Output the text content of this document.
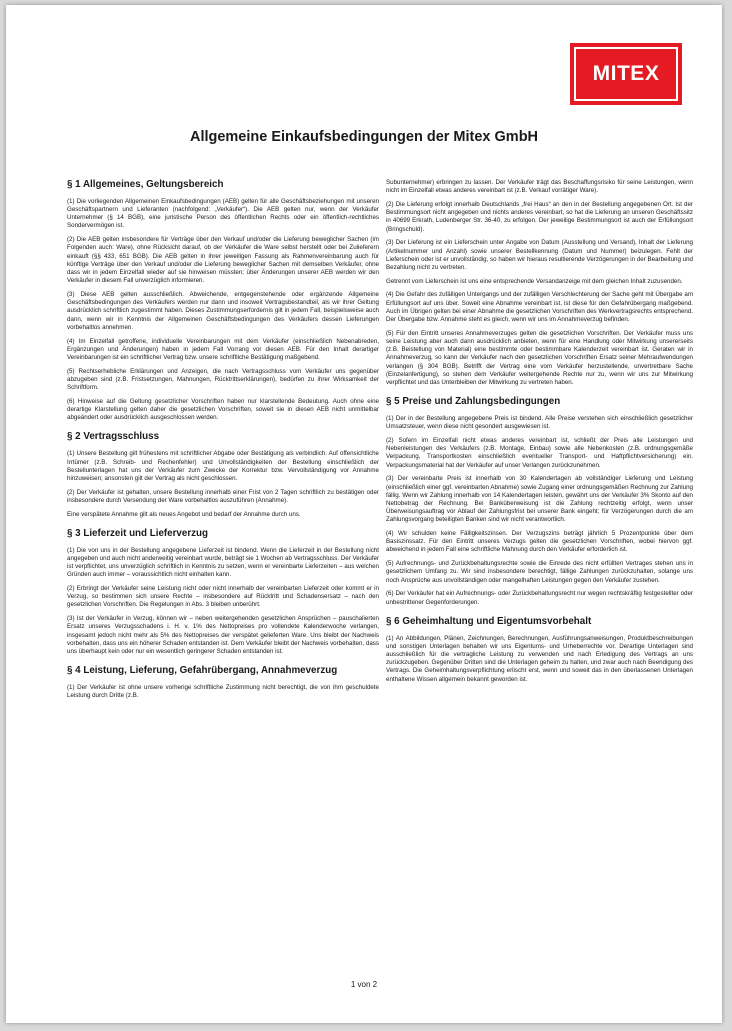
MITEX
Allgemeine Einkaufsbedingungen der Mitex GmbH
§ 1 Allgemeines, Geltungsbereich

(1) Die vorliegenden Allgemeinen Einkaufsbedingungen (AEB) gelten für alle Geschäftsbeziehungen mit unseren Geschäftspartnern und Lieferanten (nachfolgend: „Verkäufer“). Die AEB gelten nur, wenn der Verkäufer Unternehmer (§ 14 BGB), eine juristische Person des öffentlichen Rechts oder ein öffentlich-rechtliches Sondervermögen ist.

(2) Die AEB gelten insbesondere für Verträge über den Verkauf und/oder die Lieferung beweglicher Sachen (im Folgenden auch: Ware), ohne Rücksicht darauf, ob der Verkäufer die Ware selbst herstellt oder bei Zulieferern einkauft (§§ 433, 651 BGB). Die AEB gelten in ihrer jeweiligen Fassung als Rahmenvereinbarung auch für künftige Verträge über den Verkauf und/oder die Lieferung beweglicher Sachen mit demselben Verkäufer, ohne dass wir in jedem Einzelfall wieder auf sie hinweisen müssten; über Änderungen unserer AEB werden wir den Verkäufer in diesem Fall unverzüglich informieren.

(3) Diese AEB gelten ausschließlich. Abweichende, entgegenstehende oder ergänzende Allgemeine Geschäftsbedingungen des Verkäufers werden nur dann und insoweit Vertragsbestandteil, als wir ihrer Geltung ausdrücklich schriftlich zugestimmt haben. Dieses Zustimmungserfordernis gilt in jedem Fall, beispielsweise auch dann, wenn wir in Kenntnis der Allgemeinen Geschäftsbedingungen des Verkäufers dessen Lieferungen vorbehaltlos annehmen.

(4) Im Einzelfall getroffene, individuelle Vereinbarungen mit dem Verkäufer (einschließlich Nebenabreden, Ergänzungen und Änderungen) haben in jedem Fall Vorrang vor diesen AEB. Für den Inhalt derartiger Vereinbarungen ist ein schriftlicher Vertrag bzw. unsere schriftliche Bestätigung maßgebend.

(5) Rechtserhebliche Erklärungen und Anzeigen, die nach Vertragsschluss vom Verkäufer uns gegenüber abzugeben sind (z.B. Fristsetzungen, Mahnungen, Rücktrittserklärungen), bedürfen zu ihrer Wirksamkeit der Schriftform.

(6) Hinweise auf die Geltung gesetzlicher Vorschriften haben nur klarstellende Bedeutung. Auch ohne eine derartige Klarstellung gelten daher die gesetzlichen Vorschriften, soweit sie in diesen AEB nicht unmittelbar abgeändert oder ausdrücklich ausgeschlossen werden.

§ 2 Vertragsschluss

(1) Unsere Bestellung gilt frühestens mit schriftlicher Abgabe oder Bestätigung als verbindlich. Auf offensichtliche Irrtümer (z.B. Schreib- und Rechenfehler) und Unvollständigkeiten der Bestellung einschließlich der Bestellunterlagen hat uns der Verkäufer zum Zwecke der Korrektur bzw. Vervollständigung vor Annahme hinzuweisen; ansonsten gilt der Vertrag als nicht geschlossen.

(2) Der Verkäufer ist gehalten, unsere Bestellung innerhalb einer Frist von 2 Tagen schriftlich zu bestätigen oder insbesondere durch Versendung der Ware vorbehaltlos auszuführen (Annahme).

Eine verspätete Annahme gilt als neues Angebot und bedarf der Annahme durch uns.

§ 3 Lieferzeit und Lieferverzug

(1) Die von uns in der Bestellung angegebene Lieferzeit ist bindend. Wenn die Lieferzeit in der Bestellung nicht angegeben und auch nicht anderweitig vereinbart wurde, beträgt sie 1 Wochen ab Vertragsschluss. Der Verkäufer ist verpflichtet, uns unverzüglich schriftlich in Kenntnis zu setzen, wenn er vereinbarte Lieferzeiten – aus welchen Gründen auch immer – voraussichtlich nicht einhalten kann.

(2) Erbringt der Verkäufer seine Leistung nicht oder nicht innerhalb der vereinbarten Lieferzeit oder kommt er in Verzug, so bestimmen sich unsere Rechte – insbesondere auf Rücktritt und Schadensersatz – nach den gesetzlichen Vorschriften. Die Regelungen in Abs. 3 bleiben unberührt.

(3) Ist der Verkäufer in Verzug, können wir – neben weitergehenden gesetzlichen Ansprüchen – pauschalierten Ersatz unseres Verzugsschadens i. H. v. 1% des Nettopreises pro vollendete Kalenderwoche verlangen, insgesamt jedoch nicht mehr als 5% des Nettopreises der verspätet gelieferten Ware. Uns bleibt der Nachweis vorbehalten, dass uns ein höherer Schaden entstanden ist. Dem Verkäufer bleibt der Nachweis vorbehalten, dass uns überhaupt kein oder nur ein wesentlich geringerer Schaden entstanden ist.

§ 4 Leistung, Lieferung, Gefahrübergang, Annahmeverzug

(1) Der Verkäufer ist ohne unsere vorherige schriftliche Zustimmung nicht berechtigt, die von ihm geschuldete Leistung durch Dritte (z.B.

Subunternehmer) erbringen zu lassen. Der Verkäufer trägt das Beschaffungsrisiko für seine Leistungen, wenn nicht im Einzelfall etwas anderes vereinbart ist (z.B. Verkauf vorrätiger Ware).

(2) Die Lieferung erfolgt innerhalb Deutschlands „frei Haus“ an den in der Bestellung angegebenen Ort. Ist der Bestimmungsort nicht angegeben und nichts anderes vereinbart, so hat die Lieferung an unseren Geschäftssitz in 40699 Erkrath, Ludenberger Str. 36-40, zu erfolgen. Der jeweilige Bestimmungsort ist auch der Erfüllungsort (Bringschuld).

(3) Der Lieferung ist ein Lieferschein unter Angabe von Datum (Ausstellung und Versand), Inhalt der Lieferung (Artikelnummer und Anzahl) sowie unserer Bestellkennung (Datum und Nummer) beizulegen. Fehlt der Lieferschein oder ist er unvollständig, so haben wir hieraus resultierende Verzögerungen in der Bearbeitung und Bezahlung nicht zu vertreten.

Getrennt vom Lieferschein ist uns eine entsprechende Versandanzeige mit dem gleichen Inhalt zuzusenden.

(4) Die Gefahr des zufälligen Untergangs und der zufälligen Verschlechterung der Sache geht mit Übergabe am Erfüllungsort auf uns über. Soweit eine Abnahme vereinbart ist, ist diese für den Gefahrübergang maßgebend. Auch im Übrigen gelten bei einer Abnahme die gesetzlichen Vorschriften des Werkvertragsrechts entsprechend. Der Übergabe bzw. Annahme steht es gleich, wenn wir uns im Annahmeverzug befinden.

(5) Für den Eintritt unseres Annahmeverzuges gelten die gesetzlichen Vorschriften. Der Verkäufer muss uns seine Leistung aber auch dann ausdrücklich anbieten, wenn für eine Handlung oder Mitwirkung unsererseits (z.B. Beistellung von Material) eine bestimmte oder bestimmbare Kalenderzeit vereinbart ist. Geraten wir in Annahmeverzug, so kann der Verkäufer nach den gesetzlichen Vorschriften Ersatz seiner Mehraufwendungen verlangen (§ 304 BGB). Betrifft der Vertrag eine vom Verkäufer herzustellende, unvertretbare Sache (Einzelanfertigung), so stehen dem Verkäufer weitergehende Rechte nur zu, wenn wir uns zur Mitwirkung verpflichtet und das Unterbleiben der Mitwirkung zu vertreten haben.

§ 5 Preise und Zahlungsbedingungen

(1) Der in der Bestellung angegebene Preis ist bindend. Alle Preise verstehen sich einschließlich gesetzlicher Umsatzsteuer, wenn diese nicht gesondert ausgewiesen ist.

(2) Sofern im Einzelfall nicht etwas anderes vereinbart ist, schließt der Preis alle Leistungen und Nebenleistungen des Verkäufers (z.B. Montage, Einbau) sowie alle Nebenkosten (z.B. ordnungsgemäße Verpackung, Transportkosten einschließlich eventueller Transport- und Haftpflichtversicherung) ein. Verpackungsmaterial hat der Verkäufer auf unser Verlangen zurückzunehmen.

(3) Der vereinbarte Preis ist innerhalb von 30 Kalendertagen ab vollständiger Lieferung und Leistung (einschließlich einer ggf. vereinbarten Abnahme) sowie Zugang einer ordnungsgemäßen Rechnung zur Zahlung fällig. Wenn wir Zahlung innerhalb von 14 Kalendertagen leisten, gewährt uns der Verkäufer 3% Skonto auf den Nettobetrag der Rechnung. Bei Banküberweisung ist die Zahlung rechtzeitig erfolgt, wenn unser Überweisungsauftrag vor Ablauf der Zahlungsfrist bei unserer Bank eingeht; für Verzögerungen durch die am Zahlungsvorgang beteiligten Banken sind wir nicht verantwortlich.

(4) Wir schulden keine Fälligkeitszinsen. Der Verzugszins beträgt jährlich 5 Prozentpunkte über dem Basiszinssatz. Für den Eintritt unseres Verzugs gelten die gesetzlichen Vorschriften, wobei hiervon ggf. abweichend in jedem Fall eine schriftliche Mahnung durch den Verkäufer erforderlich ist.

(5) Aufrechnungs- und Zurückbehaltungsrechte sowie die Einrede des nicht erfüllten Vertrages stehen uns in gesetzlichem Umfang zu. Wir sind insbesondere berechtigt, fällige Zahlungen zurückzuhalten, solange uns noch Ansprüche aus unvollständigen oder mangelhaften Leistungen gegen den Verkäufer zustehen.

(6) Der Verkäufer hat ein Aufrechnungs- oder Zurückbehaltungsrecht nur wegen rechtskräftig festgestellter oder unbestrittener Gegenforderungen.

§ 6 Geheimhaltung und Eigentumsvorbehalt

(1) An Abbildungen, Plänen, Zeichnungen, Berechnungen, Ausführungsanweisungen, Produktbeschreibungen und sonstigen Unterlagen behalten wir uns Eigentums- und Urheberrechte vor. Derartige Unterlagen sind ausschließlich für die vertragliche Leistung zu verwenden und nach Erledigung des Vertrags an uns zurückzugeben. Gegenüber Dritten sind die Unterlagen geheim zu halten, und zwar auch nach Beendigung des Vertrags. Die Geheimhaltungsverpflichtung erlischt erst, wenn und soweit das in den überlassenen Unterlagen enthaltene Wissen allgemein bekannt geworden ist.

1 von 2
